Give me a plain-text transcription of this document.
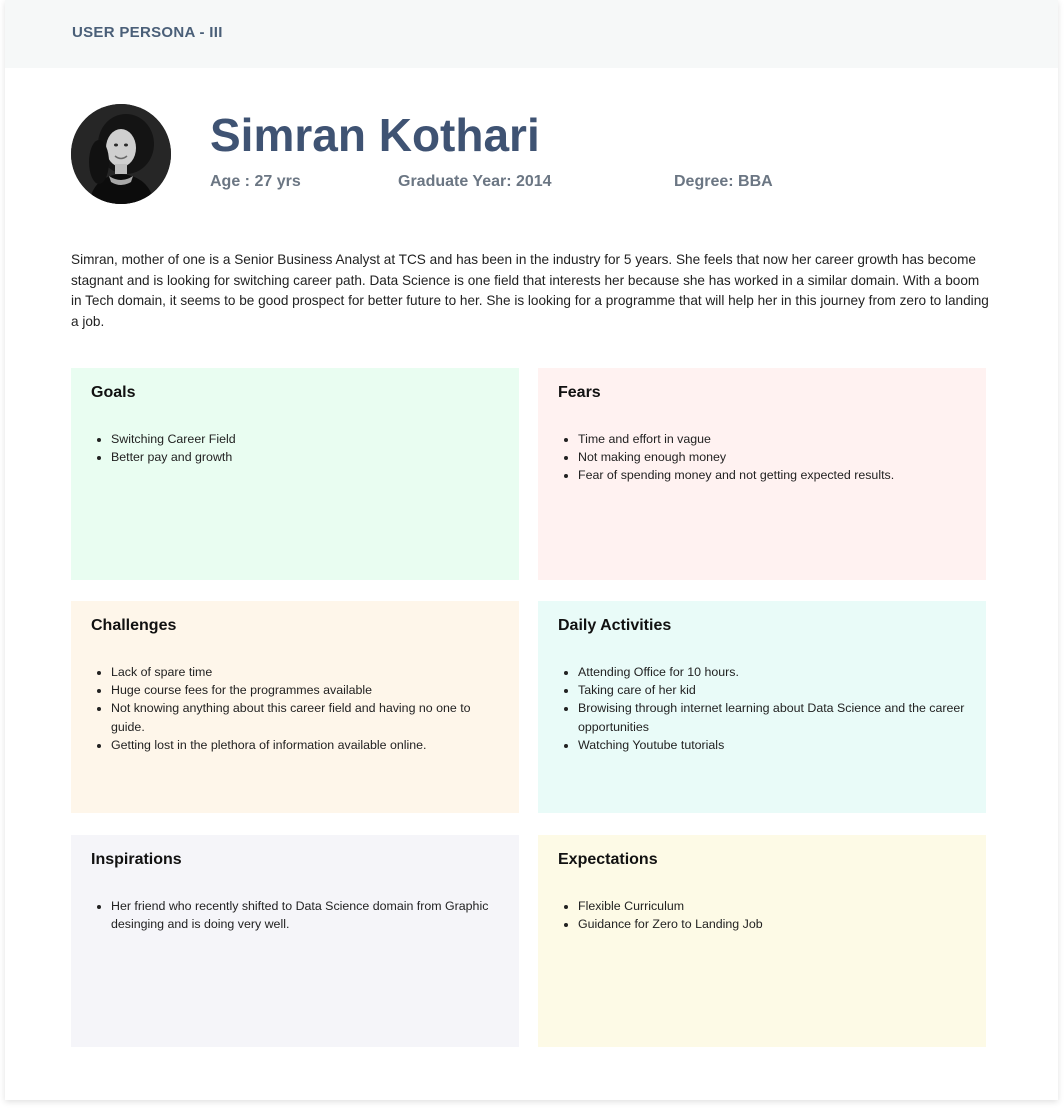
USER PERSONA - III
Simran Kothari
Age : 27 yrs	Graduate Year: 2014	Degree: BBA
Simran, mother of one is a Senior Business Analyst at TCS and has been in the industry for 5 years. She feels that now her career growth has become stagnant and is looking for switching career path. Data Science is one field that interests her because she has worked in a similar domain. With a boom in Tech domain, it seems to be good prospect for better future to her. She is looking for a programme that will help her in this journey from zero to landing a job.
Goals
• Switching Career Field
• Better pay and growth
Fears
• Time and effort in vague
• Not making enough money
• Fear of spending money and not getting expected results.
Challenges
• Lack of spare time
• Huge course fees for the programmes available
• Not knowing anything about this career field and having no one to guide.
• Getting lost in the plethora of information available online.
Daily Activities
• Attending Office for 10 hours.
• Taking care of her kid
• Browising through internet learning about Data Science and the career opportunities
• Watching Youtube tutorials
Inspirations
• Her friend who recently shifted to Data Science domain from Graphic desinging and is doing very well.
Expectations
• Flexible Curriculum
• Guidance for Zero to Landing Job
